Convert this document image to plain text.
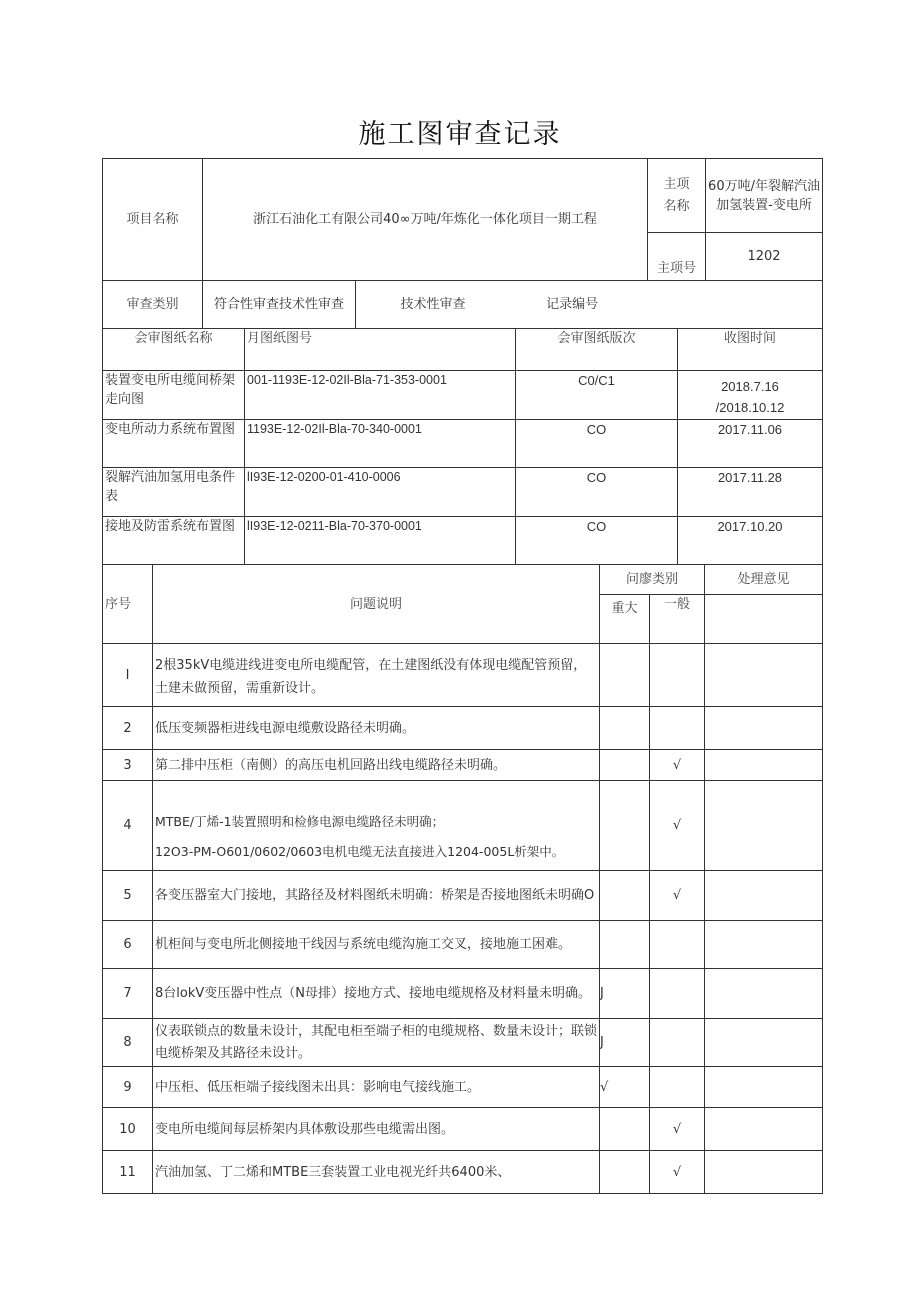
施工图审查记录
项目名称	浙江石油化工有限公司40∞万吨/年炼化一体化项目一期工程		主项
名称	60万吨/年裂解汽油加氢装置-变电所
			主项号	1202
审查类别	符合性审查技术性审查	技术性审查 记录编号		
会审图纸名称	月图纸图号	会审图纸版次	收图时间
装置变电所电缆间桥架走向图	001-1193E-12-02Il-Bla-71-353-0001	C0/C1	2018.7.16
/2018.10.12
变电所动力系统布置图	1193E-12-02Il-Bla-70-340-0001	CO	2017.11.06
裂解汽油加氢用电条件表	lI93E-12-0200-01-410-0006	CO	2017.11.28
接地及防雷系统布置图	lI93E-12-0211-Bla-70-370-0001	CO	2017.10.20
序号	问题说明	问廖类别		处理意见
		重大	一般	
I	2根35kV电缆进线进变电所电缆配管，在土建图纸没有体现电缆配管预留，土建未做预留，需重新设计。			
2	低压变频器柜进线电源电缆敷设路径未明确。			
3	第二排中压柜（南侧）的高压电机回路出线电缆路径未明确。		√	
4	MTBE/丁烯-1装置照明和检修电源电缆路径未明确；
12O3-PM-O601/0602/0603电机电缆无法直接进入1204-005L析架中。		√	
5	各变压器室大门接地，其路径及材料图纸未明确：桥架是否接地图纸未明确O		√	
6	机柜间与变电所北侧接地干线因与系统电缆沟施工交叉，接地施工困难。			
7	8台lokV变压器中性点（N母排）接地方式、接地电缆规格及材料量未明确。	J		
8	仪表联锁点的数量未设计，其配电柜至端子柜的电缆规格、数量未设计；联锁电缆桥架及其路径未设计。	J		
9	中压柜、低压柜端子接线图未出具：影响电气接线施工。	√		
10	变电所电缆间每层桥架内具体敷设那些电缆需出图。		√	
11	汽油加氢、丁二烯和MTBE三套装置工业电视光纤共6400米、		√	
